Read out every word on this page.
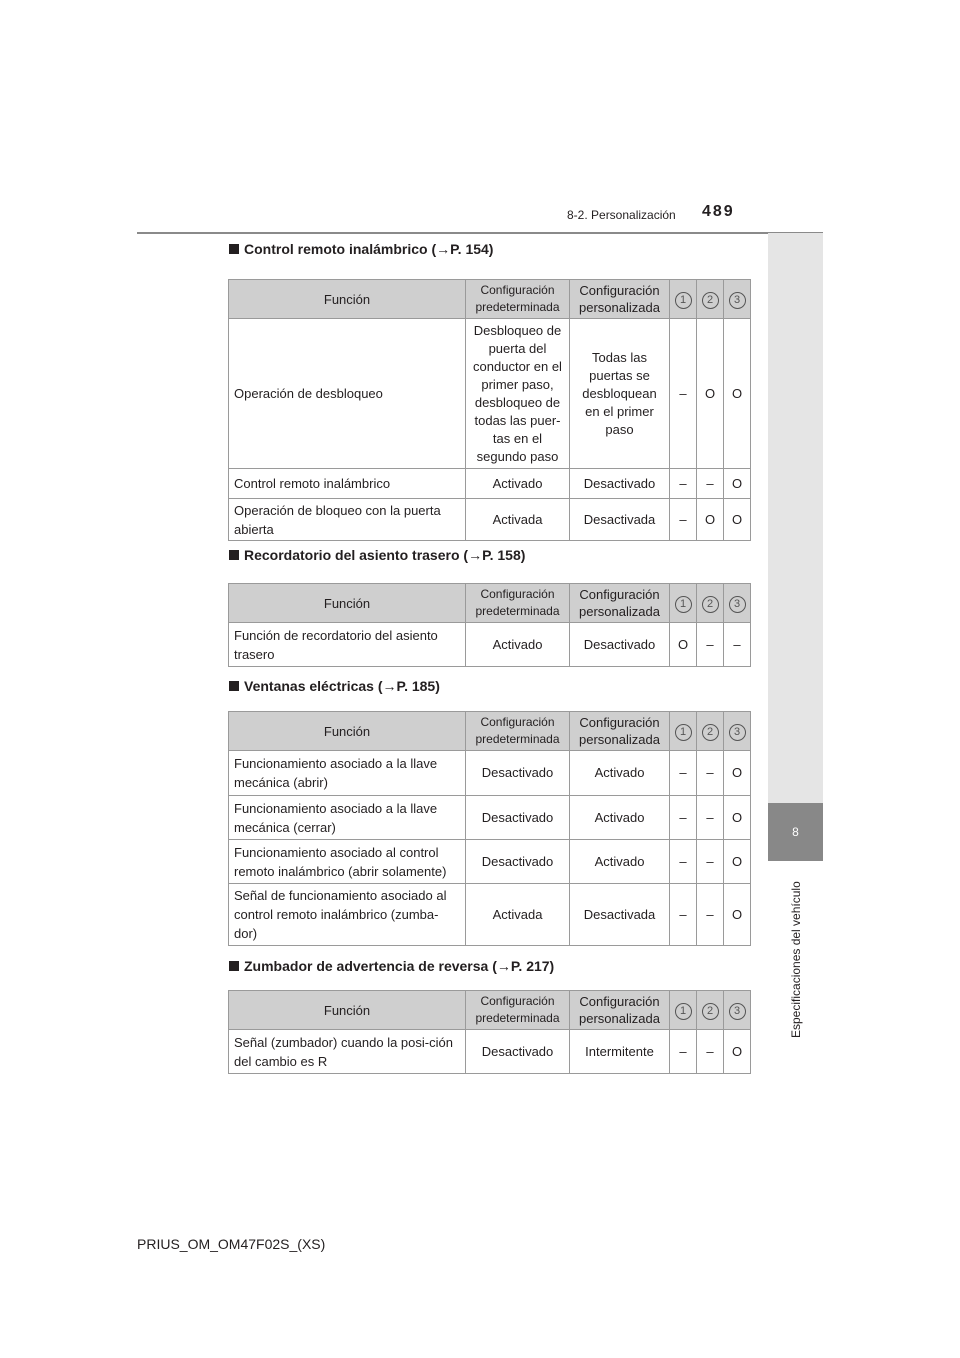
8-2. Personalización 489
8
Especificaciones del vehículo
Control remoto inalámbrico (→P. 154)
Función	Configuración predeterminada	Configuración personalizada	1	2	3
Operación de desbloqueo	Desbloqueo de puerta del conductor en el primer paso, desbloqueo de todas las puer-tas en el segundo paso	Todas las puertas se desbloquean en el primer paso	–	O	O
Control remoto inalámbrico	Activado	Desactivado	–	–	O
Operación de bloqueo con la puerta abierta	Activada	Desactivada	–	O	O
Recordatorio del asiento trasero (→P. 158)
Función	Configuración predeterminada	Configuración personalizada	1	2	3
Función de recordatorio del asiento trasero	Activado	Desactivado	O	–	–
Ventanas eléctricas (→P. 185)
Función	Configuración predeterminada	Configuración personalizada	1	2	3
Funcionamiento asociado a la llave mecánica (abrir)	Desactivado	Activado	–	–	O
Funcionamiento asociado a la llave mecánica (cerrar)	Desactivado	Activado	–	–	O
Funcionamiento asociado al control remoto inalámbrico (abrir solamente)	Desactivado	Activado	–	–	O
Señal de funcionamiento asociado al control remoto inalámbrico (zumba-dor)	Activada	Desactivada	–	–	O
Zumbador de advertencia de reversa (→P. 217)
Función	Configuración predeterminada	Configuración personalizada	1	2	3
Señal (zumbador) cuando la posi-ción del cambio es R	Desactivado	Intermitente	–	–	O
PRIUS_OM_OM47F02S_(XS)
